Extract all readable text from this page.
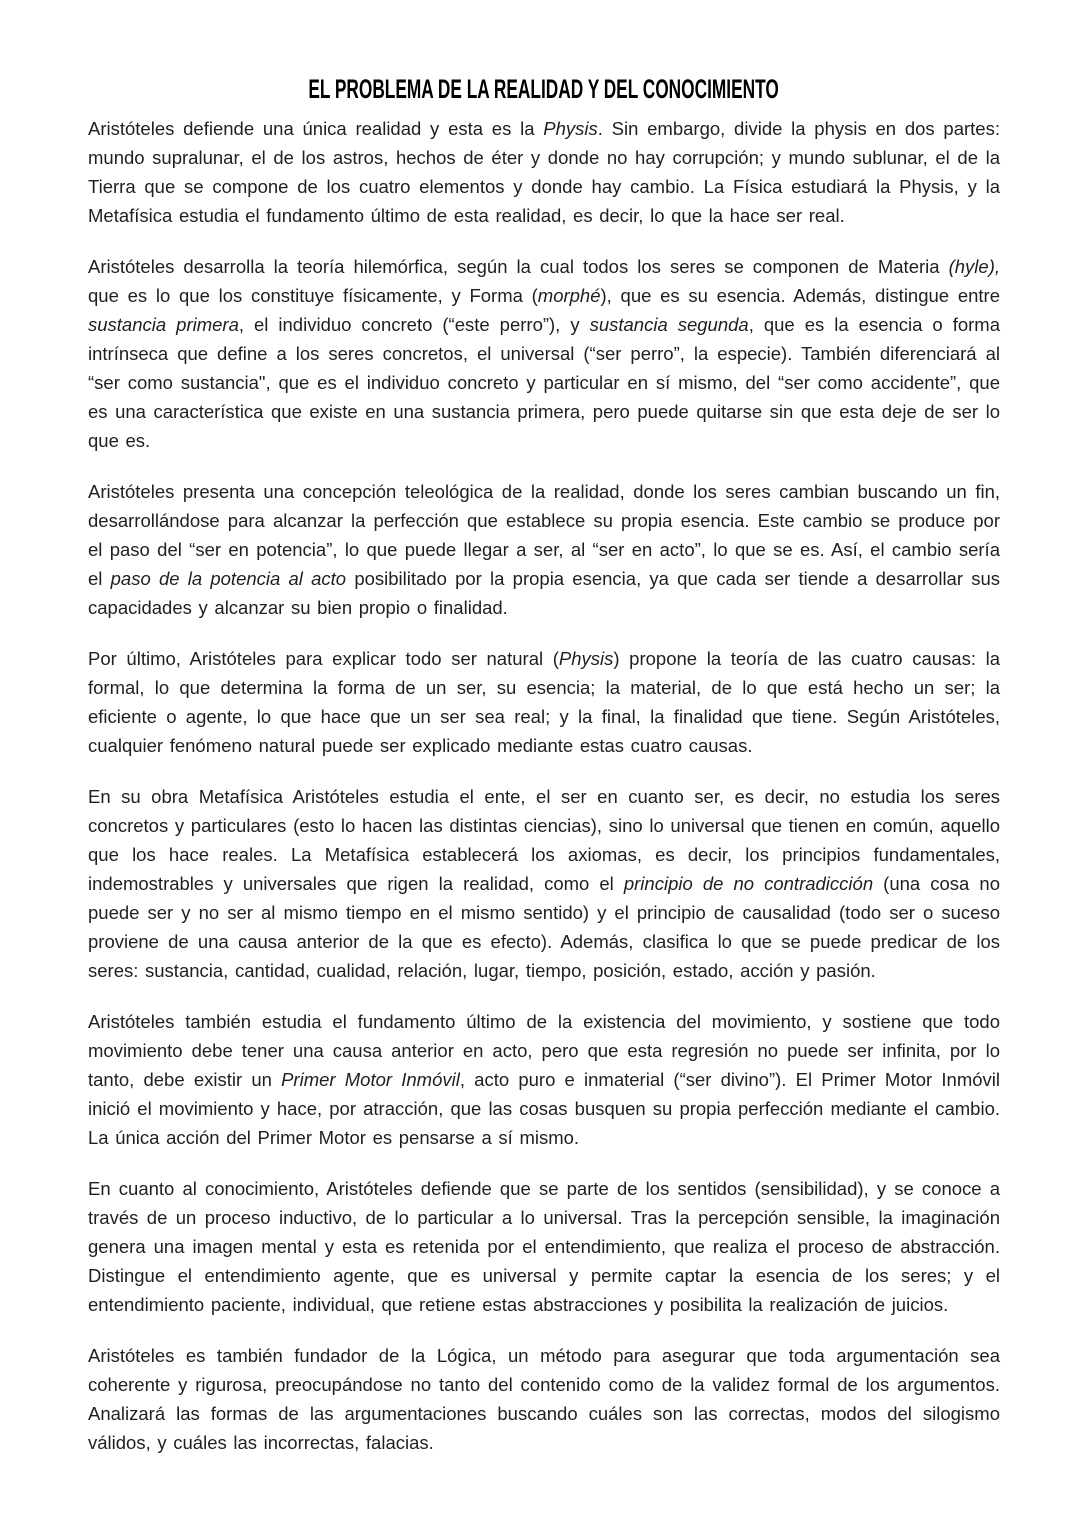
EL PROBLEMA DE LA REALIDAD Y DEL CONOCIMIENTO

Aristóteles defiende una única realidad y esta es la Physis. Sin embargo, divide la physis en dos partes: mundo supralunar, el de los astros, hechos de éter y donde no hay corrupción; y mundo sublunar, el de la Tierra que se compone de los cuatro elementos y donde hay cambio. La Física estudiará la Physis, y la Metafísica estudia el fundamento último de esta realidad, es decir, lo que la hace ser real.

Aristóteles desarrolla la teoría hilemórfica, según la cual todos los seres se componen de Materia (hyle), que es lo que los constituye físicamente, y Forma (morphé), que es su esencia. Además, distingue entre sustancia primera, el individuo concreto (“este perro”), y sustancia segunda, que es la esencia o forma intrínseca que define a los seres concretos, el universal (“ser perro”, la especie). También diferenciará al “ser como sustancia", que es el individuo concreto y particular en sí mismo, del “ser como accidente”, que es una característica que existe en una sustancia primera, pero puede quitarse sin que esta deje de ser lo que es.

Aristóteles presenta una concepción teleológica de la realidad, donde los seres cambian buscando un fin, desarrollándose para alcanzar la perfección que establece su propia esencia. Este cambio se produce por el paso del “ser en potencia”, lo que puede llegar a ser, al “ser en acto”, lo que se es. Así, el cambio sería el paso de la potencia al acto posibilitado por la propia esencia, ya que cada ser tiende a desarrollar sus capacidades y alcanzar su bien propio o finalidad.

Por último, Aristóteles para explicar todo ser natural (Physis) propone la teoría de las cuatro causas: la formal, lo que determina la forma de un ser, su esencia; la material, de lo que está hecho un ser; la eficiente o agente, lo que hace que un ser sea real; y la final, la finalidad que tiene. Según Aristóteles, cualquier fenómeno natural puede ser explicado mediante estas cuatro causas.

En su obra Metafísica Aristóteles estudia el ente, el ser en cuanto ser, es decir, no estudia los seres concretos y particulares (esto lo hacen las distintas ciencias), sino lo universal que tienen en común, aquello que los hace reales. La Metafísica establecerá los axiomas, es decir, los principios fundamentales, indemostrables y universales que rigen la realidad, como el principio de no contradicción (una cosa no puede ser y no ser al mismo tiempo en el mismo sentido) y el principio de causalidad (todo ser o suceso proviene de una causa anterior de la que es efecto). Además, clasifica lo que se puede predicar de los seres: sustancia, cantidad, cualidad, relación, lugar, tiempo, posición, estado, acción y pasión.

Aristóteles también estudia el fundamento último de la existencia del movimiento, y sostiene que todo movimiento debe tener una causa anterior en acto, pero que esta regresión no puede ser infinita, por lo tanto, debe existir un Primer Motor Inmóvil, acto puro e inmaterial (“ser divino”). El Primer Motor Inmóvil inició el movimiento y hace, por atracción, que las cosas busquen su propia perfección mediante el cambio. La única acción del Primer Motor es pensarse a sí mismo.

En cuanto al conocimiento, Aristóteles defiende que se parte de los sentidos (sensibilidad), y se conoce a través de un proceso inductivo, de lo particular a lo universal. Tras la percepción sensible, la imaginación genera una imagen mental y esta es retenida por el entendimiento, que realiza el proceso de abstracción. Distingue el entendimiento agente, que es universal y permite captar la esencia de los seres; y el entendimiento paciente, individual, que retiene estas abstracciones y posibilita la realización de juicios.

Aristóteles es también fundador de la Lógica, un método para asegurar que toda argumentación sea coherente y rigurosa, preocupándose no tanto del contenido como de la validez formal de los argumentos. Analizará las formas de las argumentaciones buscando cuáles son las correctas, modos del silogismo válidos, y cuáles las incorrectas, falacias.
